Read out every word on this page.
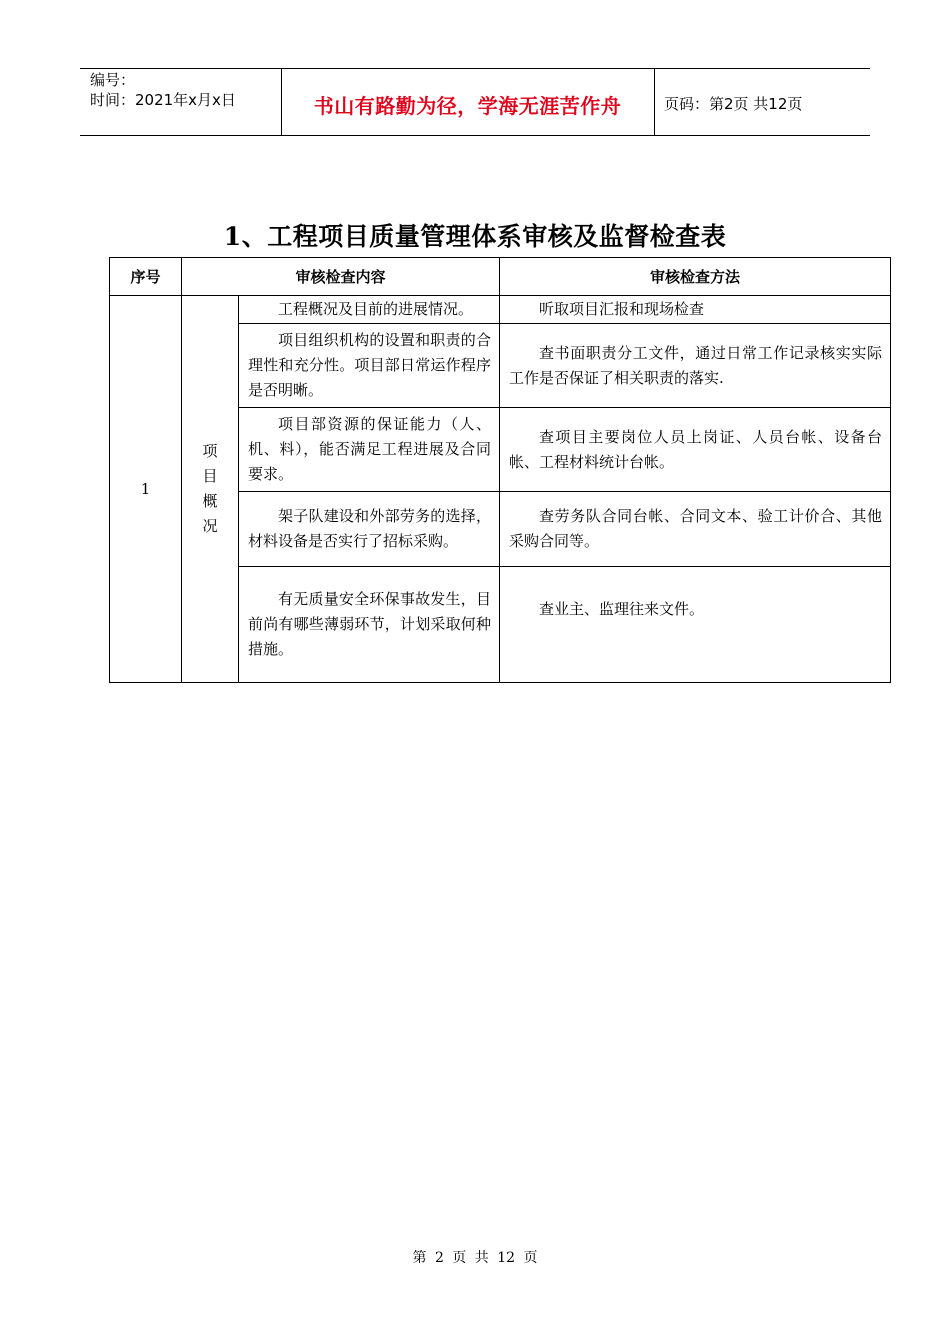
编号：
时间：2021年x月x日	书山有路勤为径，学海无涯苦作舟	页码：第2页 共12页
1、工程项目质量管理体系审核及监督检查表
序号	审核检查内容		审核检查方法
1	项
目
概
况	工程概况及目前的进展情况。	听取项目汇报和现场检查

		项目组织机构的设置和职责的合理性和充分性。项目部日常运作程序是否明晰。	查书面职责分工文件，通过日常工作记录核实实际工作是否保证了相关职责的落实.

		项目部资源的保证能力（人、机、料），能否满足工程进展及合同要求。	查项目主要岗位人员上岗证、人员台帐、设备台帐、工程材料统计台帐。

		架子队建设和外部劳务的选择，材料设备是否实行了招标采购。	查劳务队合同台帐、合同文本、验工计价合、其他采购合同等。

		有无质量安全环保事故发生，目前尚有哪些薄弱环节，计划采取何种措施。	查业主、监理往来文件。
第 2 页 共 12 页
